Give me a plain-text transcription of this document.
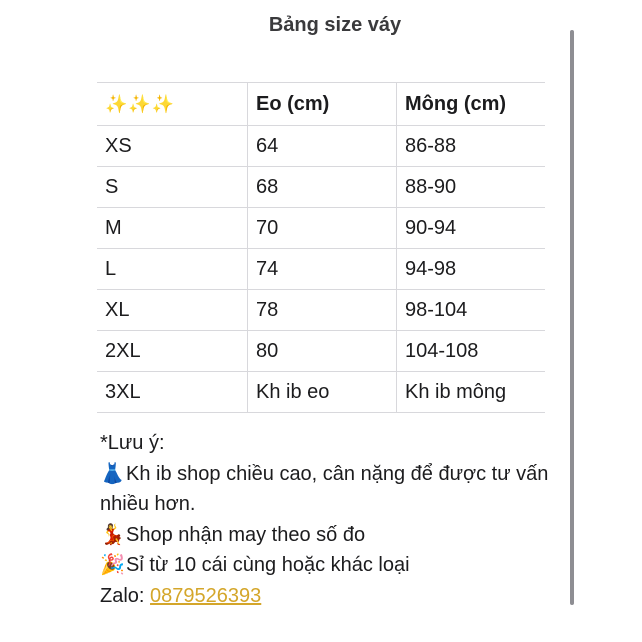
Bảng size váy
✨✨✨	Eo (cm)	Mông (cm)
XS	64	86-88
S	68	88-90
M	70	90-94
L	74	94-98
XL	78	98-104
2XL	80	104-108
3XL	Kh ib eo	Kh ib mông
*Lưu ý:
👗Kh ib shop chiều cao, cân nặng để được tư vấn nhiều hơn.
💃Shop nhận may theo số đo
🎉Sỉ từ 10 cái cùng hoặc khác loại
Zalo: 0879526393
